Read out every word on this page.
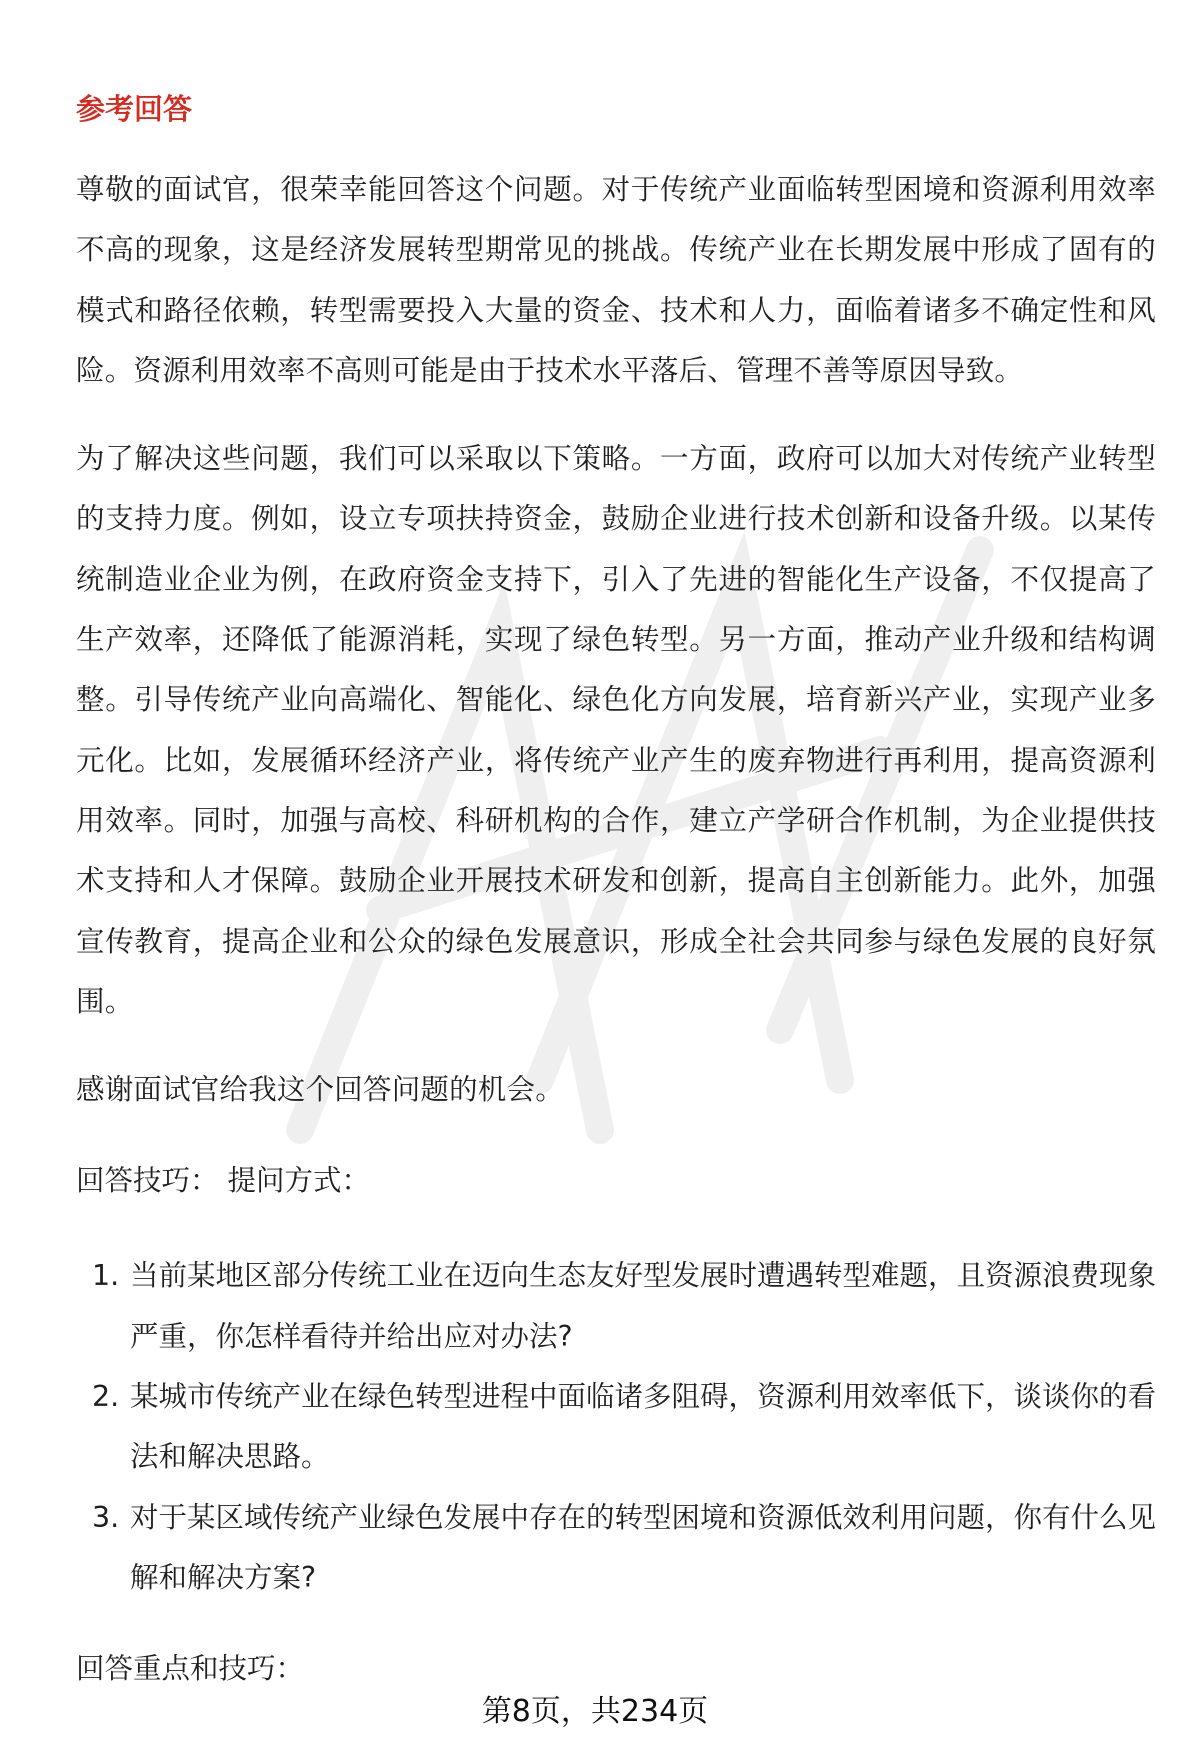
参考回答

尊敬的面试官，很荣幸能回答这个问题。对于传统产业面临转型困境和资源利用效率不高的现象，这是经济发展转型期常见的挑战。传统产业在长期发展中形成了固有的模式和路径依赖，转型需要投入大量的资金、技术和人力，面临着诸多不确定性和风险。资源利用效率不高则可能是由于技术水平落后、管理不善等原因导致。

为了解决这些问题，我们可以采取以下策略。一方面，政府可以加大对传统产业转型的支持力度。例如，设立专项扶持资金，鼓励企业进行技术创新和设备升级。以某传统制造业企业为例，在政府资金支持下，引入了先进的智能化生产设备，不仅提高了生产效率，还降低了能源消耗，实现了绿色转型。另一方面，推动产业升级和结构调整。引导传统产业向高端化、智能化、绿色化方向发展，培育新兴产业，实现产业多元化。比如，发展循环经济产业，将传统产业产生的废弃物进行再利用，提高资源利用效率。同时，加强与高校、科研机构的合作，建立产学研合作机制，为企业提供技术支持和人才保障。鼓励企业开展技术研发和创新，提高自主创新能力。此外，加强宣传教育，提高企业和公众的绿色发展意识，形成全社会共同参与绿色发展的良好氛围。

感谢面试官给我这个回答问题的机会。

回答技巧： 提问方式：
1. 当前某地区部分传统工业在迈向生态友好型发展时遭遇转型难题，且资源浪费现象严重，你怎样看待并给出应对办法?
2. 某城市传统产业在绿色转型进程中面临诸多阻碍，资源利用效率低下，谈谈你的看法和解决思路。
3. 对于某区域传统产业绿色发展中存在的转型困境和资源低效利用问题，你有什么见解和解决方案?
回答重点和技巧：
第8页，共234页
